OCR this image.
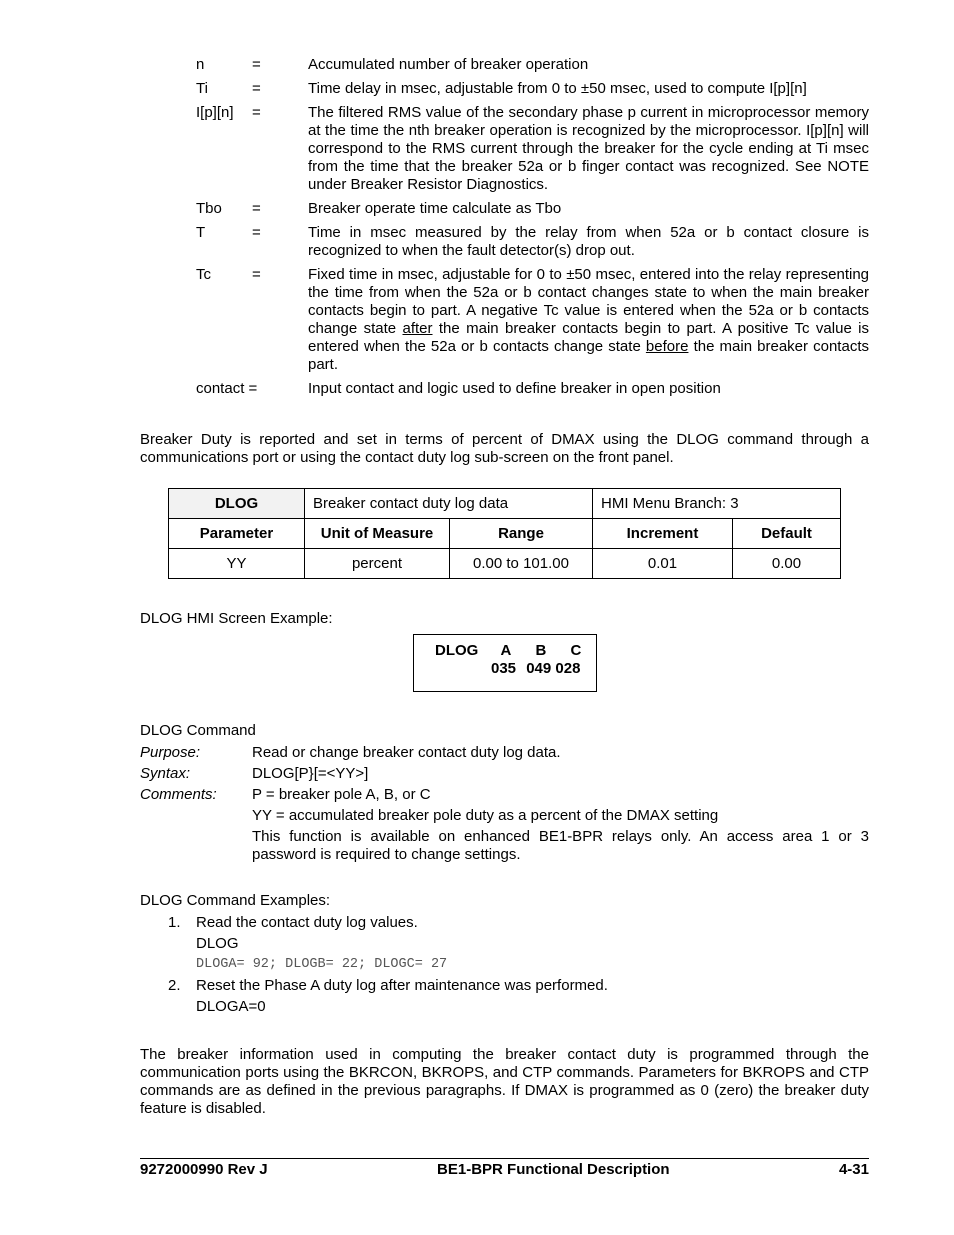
n	=	Accumulated number of breaker operation
Ti	=	Time delay in msec, adjustable from 0 to ±50 msec, used to compute I[p][n]
I[p][n]	=	The filtered RMS value of the secondary phase p current in microprocessor memory at the time the nth breaker operation is recognized by the microprocessor. I[p][n] will correspond to the RMS current through the breaker for the cycle ending at Ti msec from the time that the breaker 52a or b finger contact was recognized. See NOTE under Breaker Resistor Diagnostics.
Tbo	=	Breaker operate time calculate as Tbo
T	=	Time in msec measured by the relay from when 52a or b contact closure is recognized to when the fault detector(s) drop out.
Tc	=	Fixed time in msec, adjustable for 0 to ±50 msec, entered into the relay representing the time from when the 52a or b contact changes state to when the main breaker contacts begin to part. A negative Tc value is entered when the 52a or b contacts change state after the main breaker contacts begin to part. A positive Tc value is entered when the 52a or b contacts change state before the main breaker contacts part.
contact =	Input contact and logic used to define breaker in open position

Breaker Duty is reported and set in terms of percent of DMAX using the DLOG command through a communications port or using the contact duty log sub-screen on the front panel.

DLOG	Breaker contact duty log data		HMI Menu Branch: 3	
Parameter	Unit of Measure	Range	Increment	Default
YY	percent	0.00 to 101.00	0.01	0.00

DLOG HMI Screen Example:

DLOG A B C
035 049 028

DLOG Command

Purpose:	Read or change breaker contact duty log data.
Syntax:	DLOG[P}[=<YY>]
Comments:	P = breaker pole A, B, or C
YY = accumulated breaker pole duty as a percent of the DMAX setting
This function is available on enhanced BE1-BPR relays only. An access area 1 or 3 password is required to change settings.

DLOG Command Examples:

1.	Read the contact duty log values.
DLOG
DLOGA= 92; DLOGB= 22; DLOGC= 27
2.	Reset the Phase A duty log after maintenance was performed.
DLOGA=0

The breaker information used in computing the breaker contact duty is programmed through the communication ports using the BKRCON, BKROPS, and CTP commands. Parameters for BKROPS and CTP commands are as defined in the previous paragraphs. If DMAX is programmed as 0 (zero) the breaker duty feature is disabled.

9272000990 Rev J	BE1-BPR Functional Description	4-31
